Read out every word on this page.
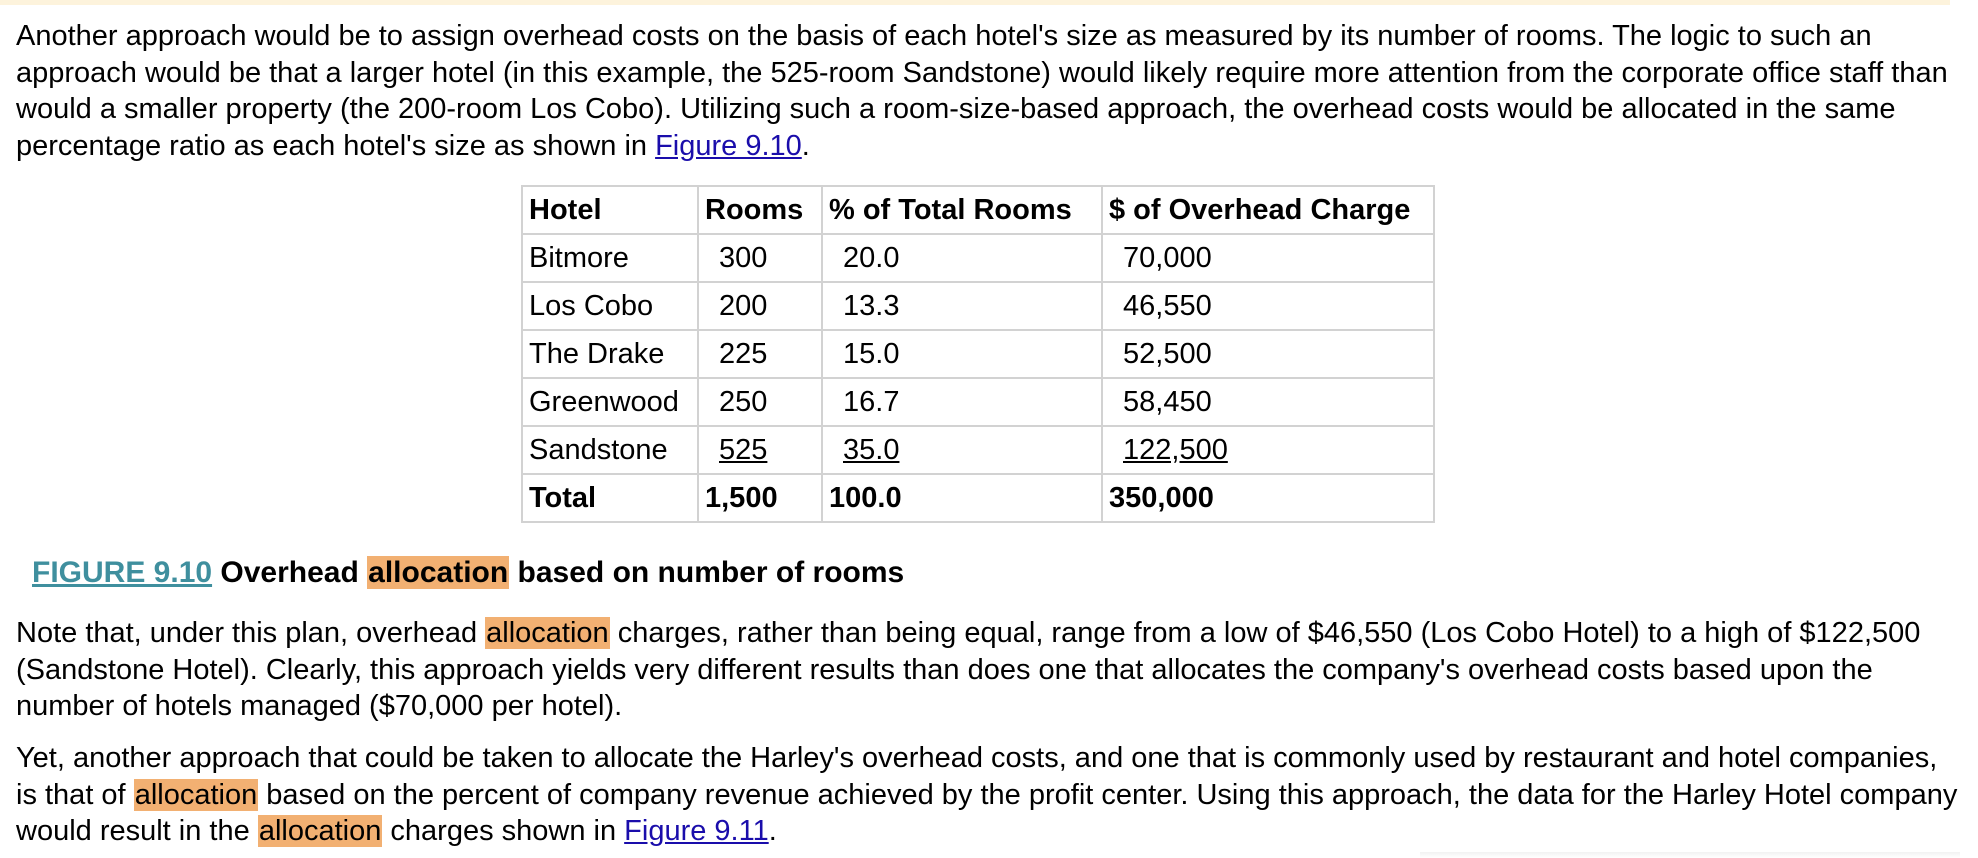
Another approach would be to assign overhead costs on the basis of each hotel's size as measured by its number of rooms. The logic to such an approach would be that a larger hotel (in this example, the 525-room Sandstone) would likely require more attention from the corporate office staff than would a smaller property (the 200-room Los Cobo). Utilizing such a room-size-based approach, the overhead costs would be allocated in the same percentage ratio as each hotel's size as shown in Figure 9.10.

Hotel	Rooms	% of Total Rooms	$ of Overhead Charge
Bitmore	300	20.0	70,000
Los Cobo	200	13.3	46,550
The Drake	225	15.0	52,500
Greenwood	250	16.7	58,450
Sandstone	525	35.0	122,500
Total	1,500	100.0	350,000
FIGURE 9.10 Overhead allocation based on number of rooms

Note that, under this plan, overhead allocation charges, rather than being equal, range from a low of $46,550 (Los Cobo Hotel) to a high of $122,500 (Sandstone Hotel). Clearly, this approach yields very different results than does one that allocates the company's overhead costs based upon the number of hotels managed ($70,000 per hotel).

Yet, another approach that could be taken to allocate the Harley's overhead costs, and one that is commonly used by restaurant and hotel companies, is that of allocation based on the percent of company revenue achieved by the profit center. Using this approach, the data for the Harley Hotel company would result in the allocation charges shown in Figure 9.11.
